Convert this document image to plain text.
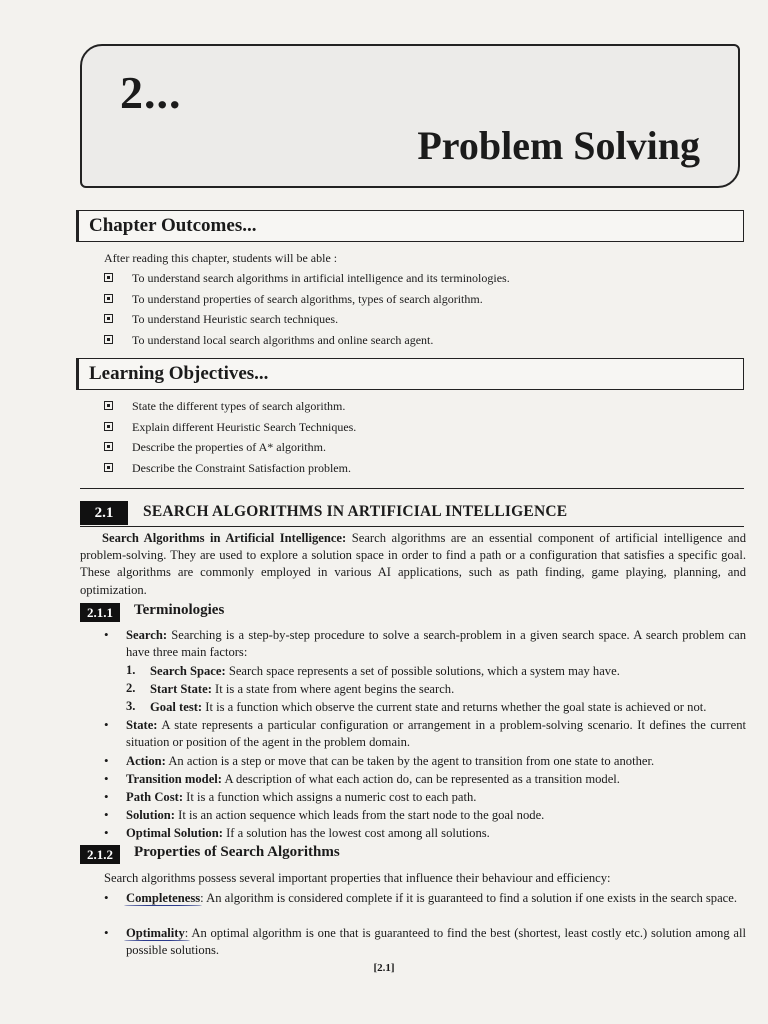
2...
Problem Solving
Chapter Outcomes...
After reading this chapter, students will be able :
To understand search algorithms in artificial intelligence and its terminologies.
To understand properties of search algorithms, types of search algorithm.
To understand Heuristic search techniques.
To understand local search algorithms and online search agent.
Learning Objectives...
State the different types of search algorithm.
Explain different Heuristic Search Techniques.
Describe the properties of A* algorithm.
Describe the Constraint Satisfaction problem.
2.1	SEARCH ALGORITHMS IN ARTIFICIAL INTELLIGENCE
Search Algorithms in Artificial Intelligence: Search algorithms are an essential component of artificial intelligence and problem-solving. They are used to explore a solution space in order to find a path or a configuration that satisfies a specific goal. These algorithms are commonly employed in various AI applications, such as path finding, game playing, planning, and optimization.
2.1.1	Terminologies
• Search: Searching is a step-by-step procedure to solve a search-problem in a given search space. A search problem can have three main factors:
1. Search Space: Search space represents a set of possible solutions, which a system may have.
2. Start State: It is a state from where agent begins the search.
3. Goal test: It is a function which observe the current state and returns whether the goal state is achieved or not.
• State: A state represents a particular configuration or arrangement in a problem-solving scenario. It defines the current situation or position of the agent in the problem domain.
• Action: An action is a step or move that can be taken by the agent to transition from one state to another.
• Transition model: A description of what each action do, can be represented as a transition model.
• Path Cost: It is a function which assigns a numeric cost to each path.
• Solution: It is an action sequence which leads from the start node to the goal node.
• Optimal Solution: If a solution has the lowest cost among all solutions.
2.1.2	Properties of Search Algorithms
Search algorithms possess several important properties that influence their behaviour and efficiency:
• Completeness: An algorithm is considered complete if it is guaranteed to find a solution if one exists in the search space.
• Optimality: An optimal algorithm is one that is guaranteed to find the best (shortest, least costly etc.) solution among all possible solutions.
[2.1]
